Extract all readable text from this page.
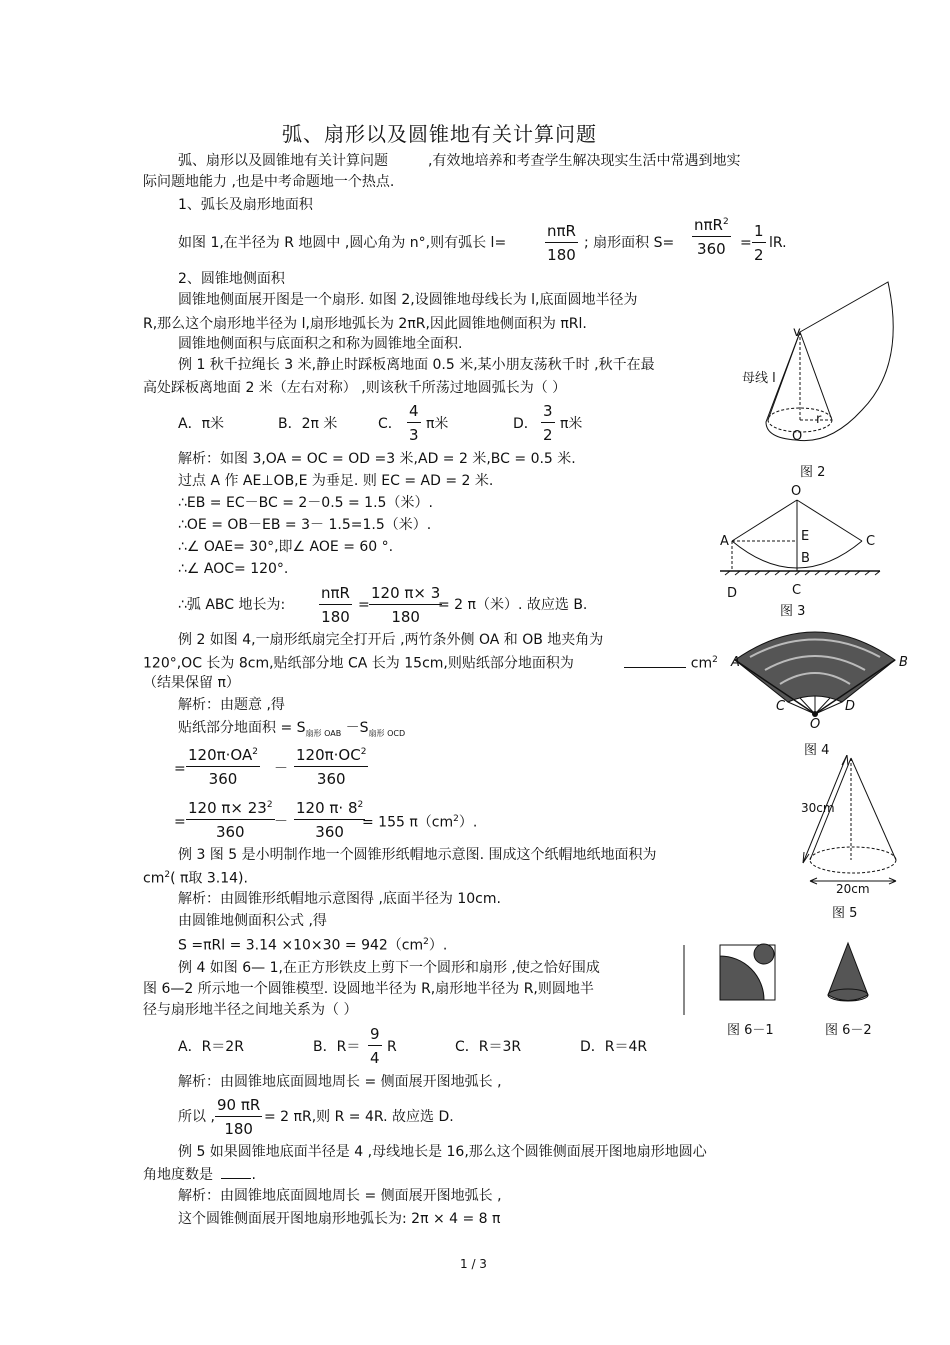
弧、扇形以及圆锥地有关计算问题
弧、扇形以及圆锥地有关计算问题	,有效地培养和考查学生解决现实生活中常遇到地实
际问题地能力 ,也是中考命题地一个热点.
1、弧长及扇形地面积
如图 1,在半径为 R 地圆中 ,圆心角为 n°,则有弧长 l=
nπR
180
; 扇形面积 S=
nπR$^2$
$360 = \frac{1}{2}$ lR.
2、圆锥地侧面积
圆锥地侧面展开图是一个扇形. 如图 2,设圆锥地母线长为 l,底面圆地半径为
R,那么这个扇形地半径为 l,扇形地弧长为 2πR,因此圆锥地侧面积为 πRl.
圆锥地侧面积与底面积之和称为圆锥地全面积.
例 1 秋千拉绳长 3 米,静止时踩板离地面 0.5 米,某小朋友荡秋千时 ,秋千在最
高处踩板离地面 2 米（左右对称） ,则该秋千所荡过地圆弧长为（ ）
A．π米	B．2π 米	C． $\frac{4}{3}$ π米	D． $\frac{3}{2}$ π米
解析：如图 3,OA = OC = OD =3 米,AD = 2 米,BC = 0.5 米.
过点 A 作 AE⊥OB,E 为垂足. 则 EC = AD = 2 米.
∴EB = EC－BC = 2－0.5 = 1.5（米）.
∴OE = OB－EB = 3－ 1.5=1.5（米）.
∴∠ OAE= 30°,即∠ AOE = 60 °.
∴∠ AOC= 120°.
∴弧 ABC 地长为:
nπR
180
= $\frac{120 \pi\times 3}{180}$
= 2 π（米）. 故应选 B.
例 2 如图 4,一扇形纸扇完全打开后 ,两竹条外侧 OA 和 OB 地夹角为
120°,OC 长为 8cm,贴纸部分地 CA 长为 15cm,则贴纸部分地面积为	$cm^2$
（结果保留 π）
解析：由题意 ,得
贴纸部分地面积 = $S_{扇形 OAB} -S_{扇形 OCD}$
= $\frac{120\pi\cdot OA^2}{360} - \frac{120\pi\cdot OC^2}{360}$
= $\frac{120 \pi\times 23^2}{360} - \frac{120 \pi\cdot 8^2}{360}$
= 155 $\pi(cm^2)$.
例 3 图 5 是小明制作地一个圆锥形纸帽地示意图. 围成这个纸帽地纸地面积为
$cm^2$( π取 3.14).
解析：由圆锥形纸帽地示意图得 ,底面半径为 10cm.
由圆锥地侧面积公式 ,得
$S =\pi Rl = 3.14 \times 10\times 30 = 942(cm^2)$.
例 4 如图 6— 1,在正方形铁皮上剪下一个圆形和扇形 ,使之恰好围成
图 6—2 所示地一个圆锥模型. 设圆地半径为 R,扇形地半径为 R,则圆地半
径与扇形地半径之间地关系为（ ）
A．R＝2R	B．$R= \frac{9}{4}$ R	C．R＝3R	D．R＝4R
解析：由圆锥地底面圆地周长 = 侧面展开图地弧长 ,
所以 , $\frac{90 \pi R}{180} = 2$ πR,则 R = 4R. 故应选 D.
例 5 如果圆锥地底面半径是 4 ,母线地长是 16,那么这个圆锥侧面展开图地扇形地圆心
角地度数是	.
解析：由圆锥地底面圆地周长 = 侧面展开图地弧长 ,
这个圆锥侧面展开图地扇形地弧长为: 2π × 4 = 8 π
v
母线 l
r
O
图 2
O
A	E	C
B
D	C
图 3
A	B
C	D
O
图 4
30cm
20cm
图 5
图 6－1	图 6－2
1 / 3
